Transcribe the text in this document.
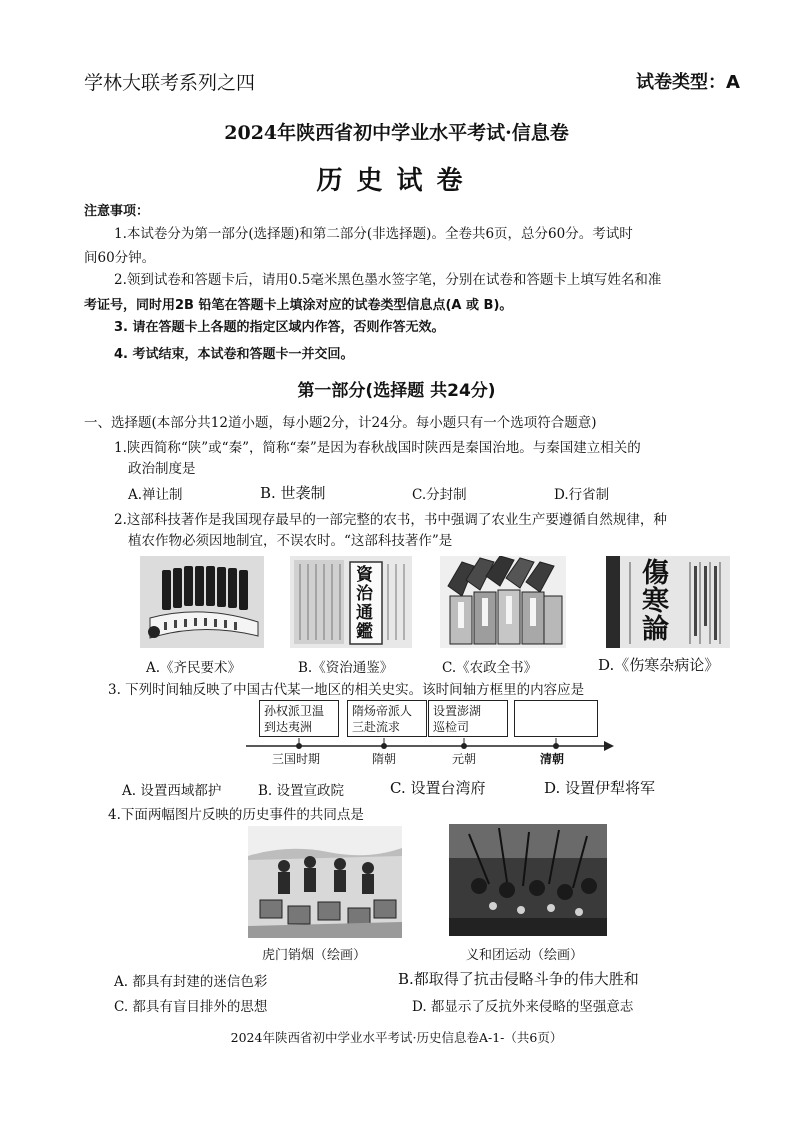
学林大联考系列之四	试卷类型：A
2024年陕西省初中学业水平考试·信息卷
历史试卷
注意事项：
1.本试卷分为第一部分(选择题)和第二部分(非选择题)。全卷共6页，总分60分。考试时
间60分钟。
2.领到试卷和答题卡后，请用0.5毫米黑色墨水签字笔，分别在试卷和答题卡上填写姓名和准
考证号，同时用2B 铅笔在答题卡上填涂对应的试卷类型信息点(A 或 B)。
3. 请在答题卡上各题的指定区域内作答，否则作答无效。
4. 考试结束，本试卷和答题卡一并交回。
第一部分(选择题 共24分)
一、选择题(本部分共12道小题，每小题2分，计24分。每小题只有一个选项符合题意)
1.陕西简称“陕”或“秦”，简称“秦”是因为春秋战国时陕西是秦国治地。与秦国建立相关的
政治制度是
A.禅让制	B. 世袭制	C.分封制	D.行省制
2.这部科技著作是我国现存最早的一部完整的农书，书中强调了农业生产要遵循自然规律，种
植农作物必须因地制宜，不误农时。“这部科技著作”是
資治通鑑
傷寒論
A.《齐民要术》	B.《资治通鉴》	C.《农政全书》	D.《伤寒杂病论》
3. 下列时间轴反映了中国古代某一地区的相关史实。该时间轴方框里的内容应是
孙权派卫温
到达夷洲
隋炀帝派人
三赴流求
设置澎湖
巡检司
三国时期	隋朝	元朝	清朝
A. 设置西域都护	B. 设置宣政院	C. 设置台湾府	D. 设置伊犁将军
4.下面两幅图片反映的历史事件的共同点是
虎门销烟（绘画）	义和团运动（绘画）
A. 都具有封建的迷信色彩	B.都取得了抗击侵略斗争的伟大胜和
C. 都具有盲目排外的思想	D. 都显示了反抗外来侵略的坚强意志
2024年陕西省初中学业水平考试·历史信息卷A-1-（共6页）
